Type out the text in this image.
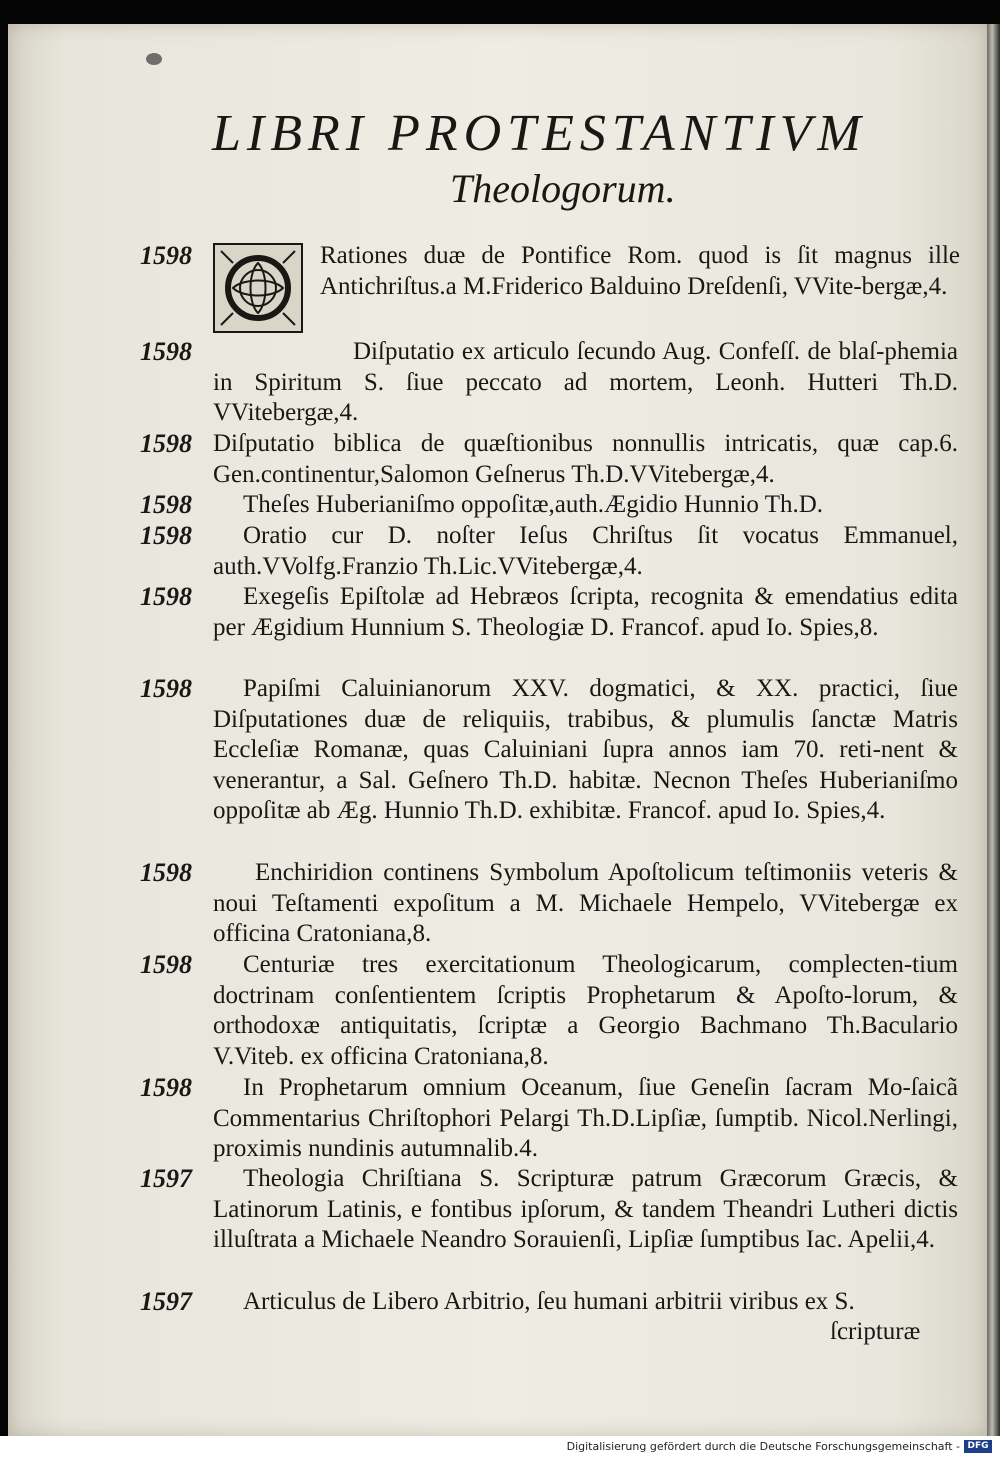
LIBRI PROTESTANTIVM
Theologorum.
1598	Rationes duæ de Pontifice Rom. quod is ſit magnus ille Antichriſtus.a M.Friderico Balduino Dreſdenſi, VVite-bergæ,4.
1598	Diſputatio ex articulo ſecundo Aug. Confeſſ. de blaſ-phemia in Spiritum S. ſiue peccato ad mortem, Leonh. Hutteri Th.D. VVitebergæ,4.
1598 Diſputatio biblica de quæſtionibus nonnullis intricatis, quæ cap.6. Gen.continentur,Salomon Geſnerus Th.D.VVitebergæ,4.
1598	Theſes Huberianiſmo oppoſitæ,auth.Ægidio Hunnio Th.D.
1598	Oratio cur D. noſter Ieſus Chriſtus ſit vocatus Emmanuel, auth.VVolfg.Franzio Th.Lic.VVitebergæ,4.
1598	Exegeſis Epiſtolæ ad Hebræos ſcripta, recognita & emendatius edita per Ægidium Hunnium S. Theologiæ D. Francof. apud Io. Spies,8.
1598	Papiſmi Caluinianorum XXV. dogmatici, & XX. practici, ſiue Diſputationes duæ de reliquiis, trabibus, & plumulis ſanctæ Matris Eccleſiæ Romanæ, quas Caluiniani ſupra annos iam 70. reti-nent & venerantur, a Sal. Geſnero Th.D. habitæ. Necnon Theſes Huberianiſmo oppoſitæ ab Æg. Hunnio Th.D. exhibitæ. Francof. apud Io. Spies,4.
1598	Enchiridion continens Symbolum Apoſtolicum teſtimoniis veteris & noui Teſtamenti expoſitum a M. Michaele Hempelo, VVitebergæ ex officina Cratoniana,8.
1598	Centuriæ tres exercitationum Theologicarum, complecten-tium doctrinam conſentientem ſcriptis Prophetarum & Apoſto-lorum, & orthodoxæ antiquitatis, ſcriptæ a Georgio Bachmano Th.Baculario V.Viteb. ex officina Cratoniana,8.
1598	In Prophetarum omnium Oceanum, ſiue Geneſin ſacram Mo-ſaicã Commentarius Chriſtophori Pelargi Th.D.Lipſiæ, ſumptib. Nicol.Nerlingi, proximis nundinis autumnalib.4.
1597	Theologia Chriſtiana S. Scripturæ patrum Græcorum Græcis, & Latinorum Latinis, e fontibus ipſorum, & tandem Theandri Lutheri dictis illuſtrata a Michaele Neandro Sorauienſi, Lipſiæ ſumptibus Iac. Apelii,4.
1597	Articulus de Libero Arbitrio, ſeu humani arbitrii viribus ex S.
ſcripturæ
Digitalisierung gefördert durch die Deutsche Forschungsgemeinschaft - DFG
